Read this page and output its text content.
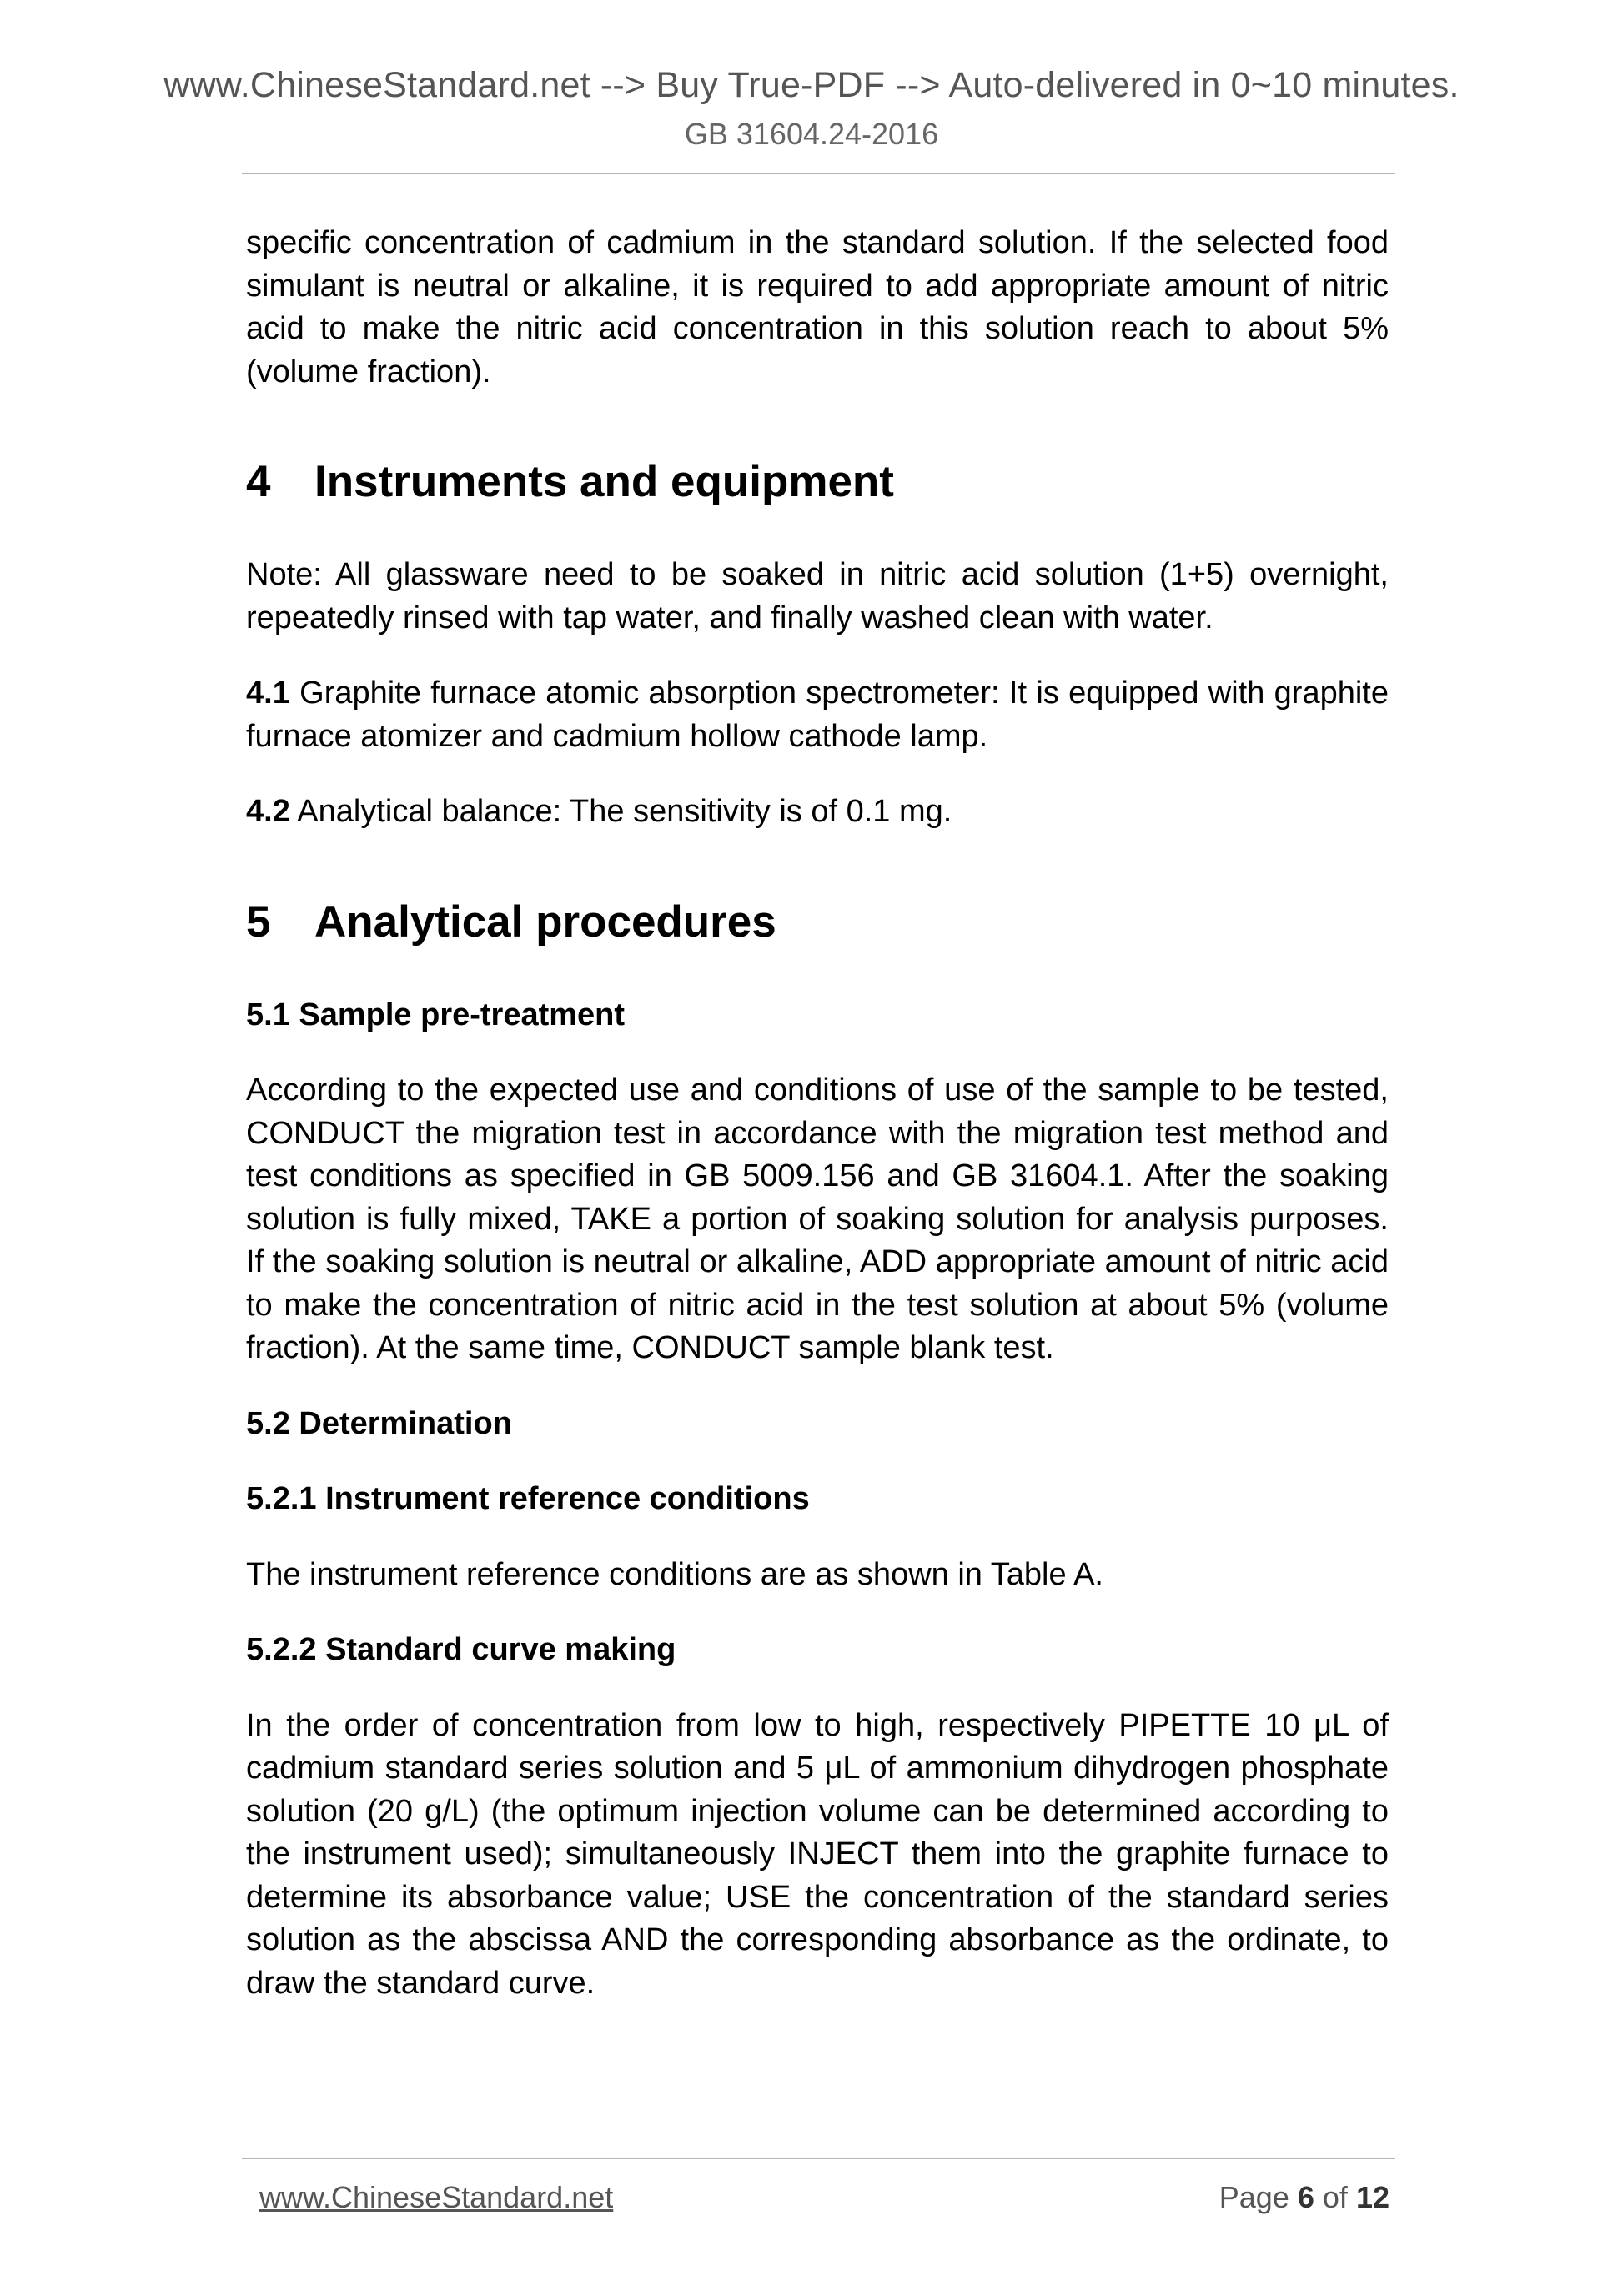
www.ChineseStandard.net --> Buy True-PDF --> Auto-delivered in 0~10 minutes.
GB 31604.24-2016

specific concentration of cadmium in the standard solution. If the selected food simulant is neutral or alkaline, it is required to add appropriate amount of nitric acid to make the nitric acid concentration in this solution reach to about 5% (volume fraction).

4 Instruments and equipment

Note: All glassware need to be soaked in nitric acid solution (1+5) overnight, repeatedly rinsed with tap water, and finally washed clean with water.

4.1 Graphite furnace atomic absorption spectrometer: It is equipped with graphite furnace atomizer and cadmium hollow cathode lamp.

4.2 Analytical balance: The sensitivity is of 0.1 mg.

5 Analytical procedures
5.1 Sample pre-treatment

According to the expected use and conditions of use of the sample to be tested, CONDUCT the migration test in accordance with the migration test method and test conditions as specified in GB 5009.156 and GB 31604.1. After the soaking solution is fully mixed, TAKE a portion of soaking solution for analysis purposes. If the soaking solution is neutral or alkaline, ADD appropriate amount of nitric acid to make the concentration of nitric acid in the test solution at about 5% (volume fraction). At the same time, CONDUCT sample blank test.

5.2 Determination
5.2.1 Instrument reference conditions

The instrument reference conditions are as shown in Table A.

5.2.2 Standard curve making

In the order of concentration from low to high, respectively PIPETTE 10 μL of cadmium standard series solution and 5 μL of ammonium dihydrogen phosphate solution (20 g/L) (the optimum injection volume can be determined according to the instrument used); simultaneously INJECT them into the graphite furnace to determine its absorbance value; USE the concentration of the standard series solution as the abscissa AND the corresponding absorbance as the ordinate, to draw the standard curve.

www.ChineseStandard.net	Page 6 of 12
